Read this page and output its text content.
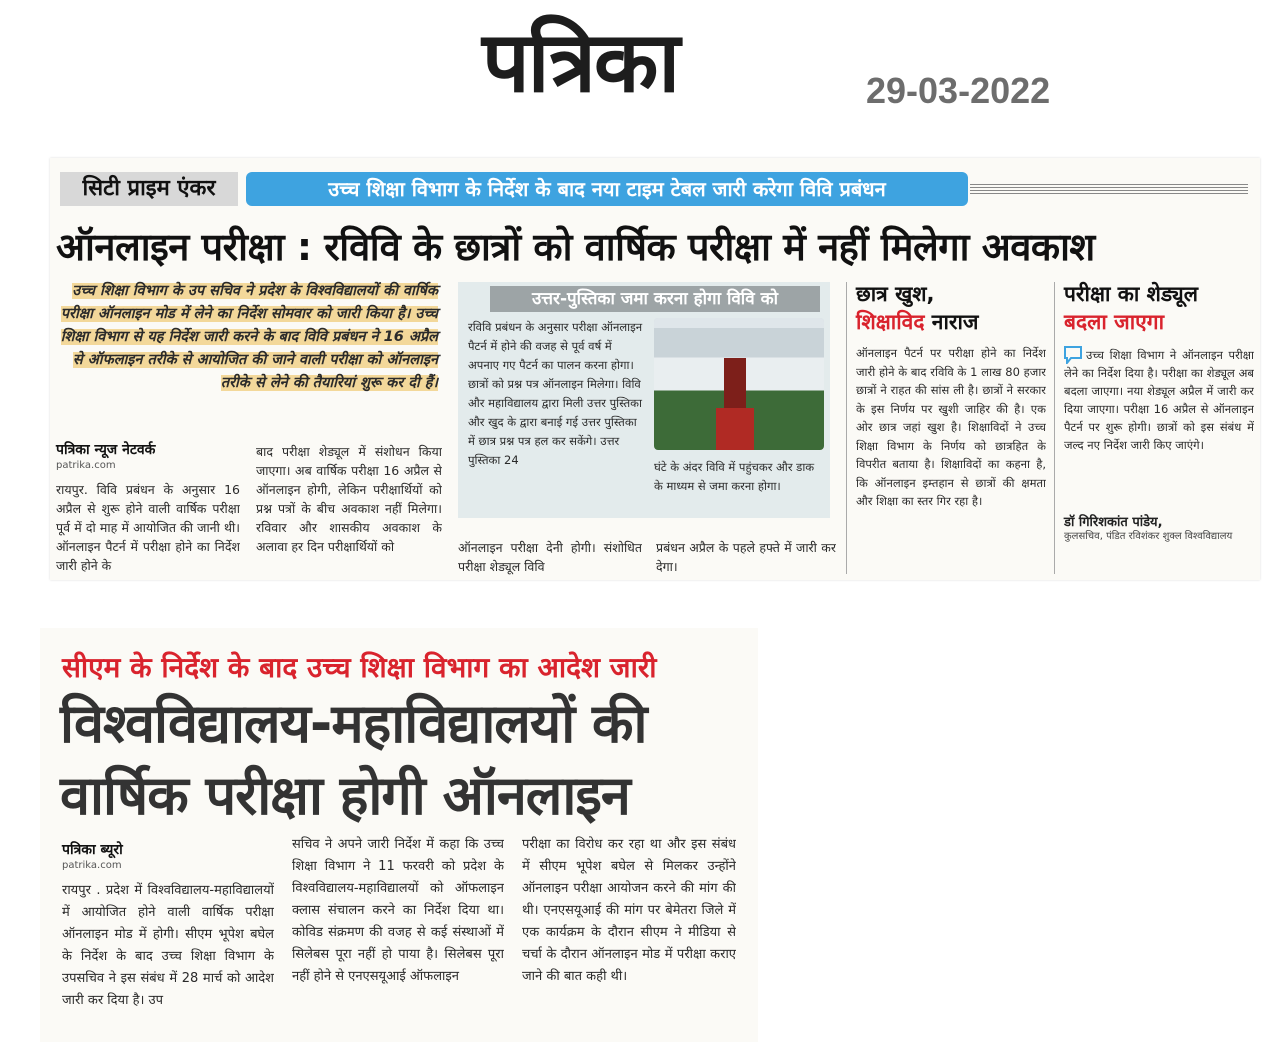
पत्रिका	29-03-2022
सिटी प्राइम एंकर	उच्च शिक्षा विभाग के निर्देश के बाद नया टाइम टेबल जारी करेगा विवि प्रबंधन
ऑनलाइन परीक्षा : रविवि के छात्रों को वार्षिक परीक्षा में नहीं मिलेगा अवकाश
उच्च शिक्षा विभाग के उप सचिव ने प्रदेश के विश्वविद्यालयों की वार्षिक परीक्षा ऑनलाइन मोड में लेने का निर्देश सोमवार को जारी किया है। उच्च शिक्षा विभाग से यह निर्देश जारी करने के बाद विवि प्रबंधन ने 16 अप्रैल से ऑफलाइन तरीके से आयोजित की जाने वाली परीक्षा को ऑनलाइन तरीके से लेने की तैयारियां शुरू कर दी हैं।
पत्रिका न्यूज नेटवर्क
patrika.com
रायपुर. विवि प्रबंधन के अनुसार 16 अप्रैल से शुरू होने वाली वार्षिक परीक्षा पूर्व में दो माह में आयोजित की जानी थी। ऑनलाइन पैटर्न में परीक्षा होने का निर्देश जारी होने के
बाद परीक्षा शेड्यूल में संशोधन किया जाएगा। अब वार्षिक परीक्षा 16 अप्रैल से ऑनलाइन होगी, लेकिन परीक्षार्थियों को प्रश्न पत्रों के बीच अवकाश नहीं मिलेगा। रविवार और शासकीय अवकाश के अलावा हर दिन परीक्षार्थियों को
उत्तर-पुस्तिका जमा करना होगा विवि को
रविवि प्रबंधन के अनुसार परीक्षा ऑनलाइन पैटर्न में होने की वजह से पूर्व वर्ष में अपनाए गए पैटर्न का पालन करना होगा। छात्रों को प्रश्न पत्र ऑनलाइन मिलेगा। विवि और महाविद्यालय द्वारा मिली उत्तर पुस्तिका और खुद के द्वारा बनाई गई उत्तर पुस्तिका में छात्र प्रश्न पत्र हल कर सकेंगे। उत्तर पुस्तिका 24	घंटे के अंदर विवि में पहुंचकर और डाक के माध्यम से जमा करना होगा।
ऑनलाइन परीक्षा देनी होगी। संशोधित परीक्षा शेड्यूल विवि
प्रबंधन अप्रैल के पहले हफ्ते में जारी कर देगा।
छात्र खुश,
शिक्षाविद नाराज
ऑनलाइन पैटर्न पर परीक्षा होने का निर्देश जारी होने के बाद रविवि के 1 लाख 80 हजार छात्रों ने राहत की सांस ली है। छात्रों ने सरकार के इस निर्णय पर खुशी जाहिर की है। एक ओर छात्र जहां खुश है। शिक्षाविदों ने उच्च शिक्षा विभाग के निर्णय को छात्रहित के विपरीत बताया है। शिक्षाविदों का कहना है, कि ऑनलाइन इम्तहान से छात्रों की क्षमता और शिक्षा का स्तर गिर रहा है।
परीक्षा का शेड्यूल
बदला जाएगा
उच्च शिक्षा विभाग ने ऑनलाइन परीक्षा लेने का निर्देश दिया है। परीक्षा का शेड्यूल अब बदला जाएगा। नया शेड्यूल अप्रैल में जारी कर दिया जाएगा। परीक्षा 16 अप्रैल से ऑनलाइन पैटर्न पर शुरू होगी। छात्रों को इस संबंध में जल्द नए निर्देश जारी किए जाएंगे।
डॉ गिरिशकांत पांडेय,
कुलसचिव, पंडित रविशंकर शुक्ल विश्वविद्यालय
सीएम के निर्देश के बाद उच्च शिक्षा विभाग का आदेश जारी
विश्वविद्यालय-महाविद्यालयों की
वार्षिक परीक्षा होगी ऑनलाइन
पत्रिका ब्यूरो
patrika.com
रायपुर . प्रदेश में विश्वविद्यालय-महाविद्यालयों में आयोजित होने वाली वार्षिक परीक्षा ऑनलाइन मोड में होगी। सीएम भूपेश बघेल के निर्देश के बाद उच्च शिक्षा विभाग के उपसचिव ने इस संबंध में 28 मार्च को आदेश जारी कर दिया है। उप
सचिव ने अपने जारी निर्देश में कहा कि उच्च शिक्षा विभाग ने 11 फरवरी को प्रदेश के विश्वविद्यालय-महाविद्यालयों को ऑफलाइन क्लास संचालन करने का निर्देश दिया था। कोविड संक्रमण की वजह से कई संस्थाओं में सिलेबस पूरा नहीं हो पाया है। सिलेबस पूरा नहीं होने से एनएसयूआई ऑफलाइन
परीक्षा का विरोध कर रहा था और इस संबंध में सीएम भूपेश बघेल से मिलकर उन्होंने ऑनलाइन परीक्षा आयोजन करने की मांग की थी। एनएसयूआई की मांग पर बेमेतरा जिले में एक कार्यक्रम के दौरान सीएम ने मीडिया से चर्चा के दौरान ऑनलाइन मोड में परीक्षा कराए जाने की बात कही थी।
